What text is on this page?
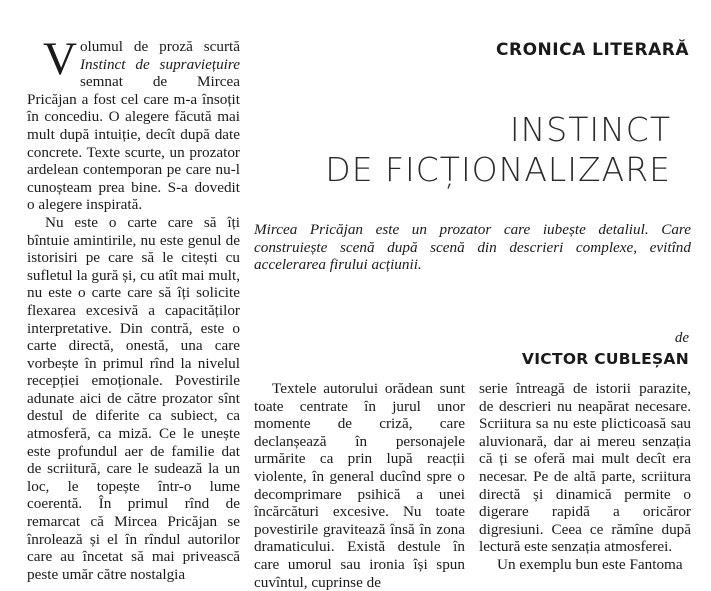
Volumul de proză scurtă Instinct de supraviețuire semnat de Mircea Pricăjan a fost cel care m-a însoțit în concediu. O alegere făcută mai mult după intuiție, decît după date concrete. Texte scurte, un prozator ardelean contemporan pe care nu-l cunoșteam prea bine. S-a dovedit o alegere inspirată.

Nu este o carte care să îți bîntuie amintirile, nu este genul de istorisiri pe care să le citești cu sufletul la gură și, cu atît mai mult, nu este o carte care să îți solicite flexarea excesivă a capacităților interpretative. Din contră, este o carte directă, onestă, una care vorbește în primul rînd la nivelul recepției emoționale. Povestirile adunate aici de către prozator sînt destul de diferite ca subiect, ca atmosferă, ca miză. Ce le unește este profundul aer de familie dat de scriitură, care le sudează la un loc, le topește într-o lume coerentă. În primul rînd de remarcat că Mircea Pricăjan se înrolează și el în rîndul autorilor care au încetat să mai privească peste umăr către nostalgia

CRONICA LITERARĂ
INSTINCT
DE FICȚIONALIZARE
Mircea Pricăjan este un prozator care iubește detaliul. Care construiește scenă după scenă din descrieri complexe, evitînd accelerarea firului acțiunii.
de
VICTOR CUBLEȘAN

Textele autorului orădean sunt toate centrate în jurul unor momente de criză, care declanșează în personajele urmărite ca prin lupă reacții violente, în general ducînd spre o decomprimare psihică a unei încărcături excesive. Nu toate povestirile gravitează însă în zona dramaticului. Există destule în care umorul sau ironia își spun cuvîntul, cuprinse de

serie întreagă de istorii parazite, de descrieri nu neapărat necesare. Scriitura sa nu este plicticoasă sau aluvionară, dar ai mereu senzația că ți se oferă mai mult decît era necesar. Pe de altă parte, scriitura directă și dinamică permite o digerare rapidă a oricăror digresiuni. Ceea ce rămîne după lectură este senzația atmosferei.

Un exemplu bun este Fantoma
